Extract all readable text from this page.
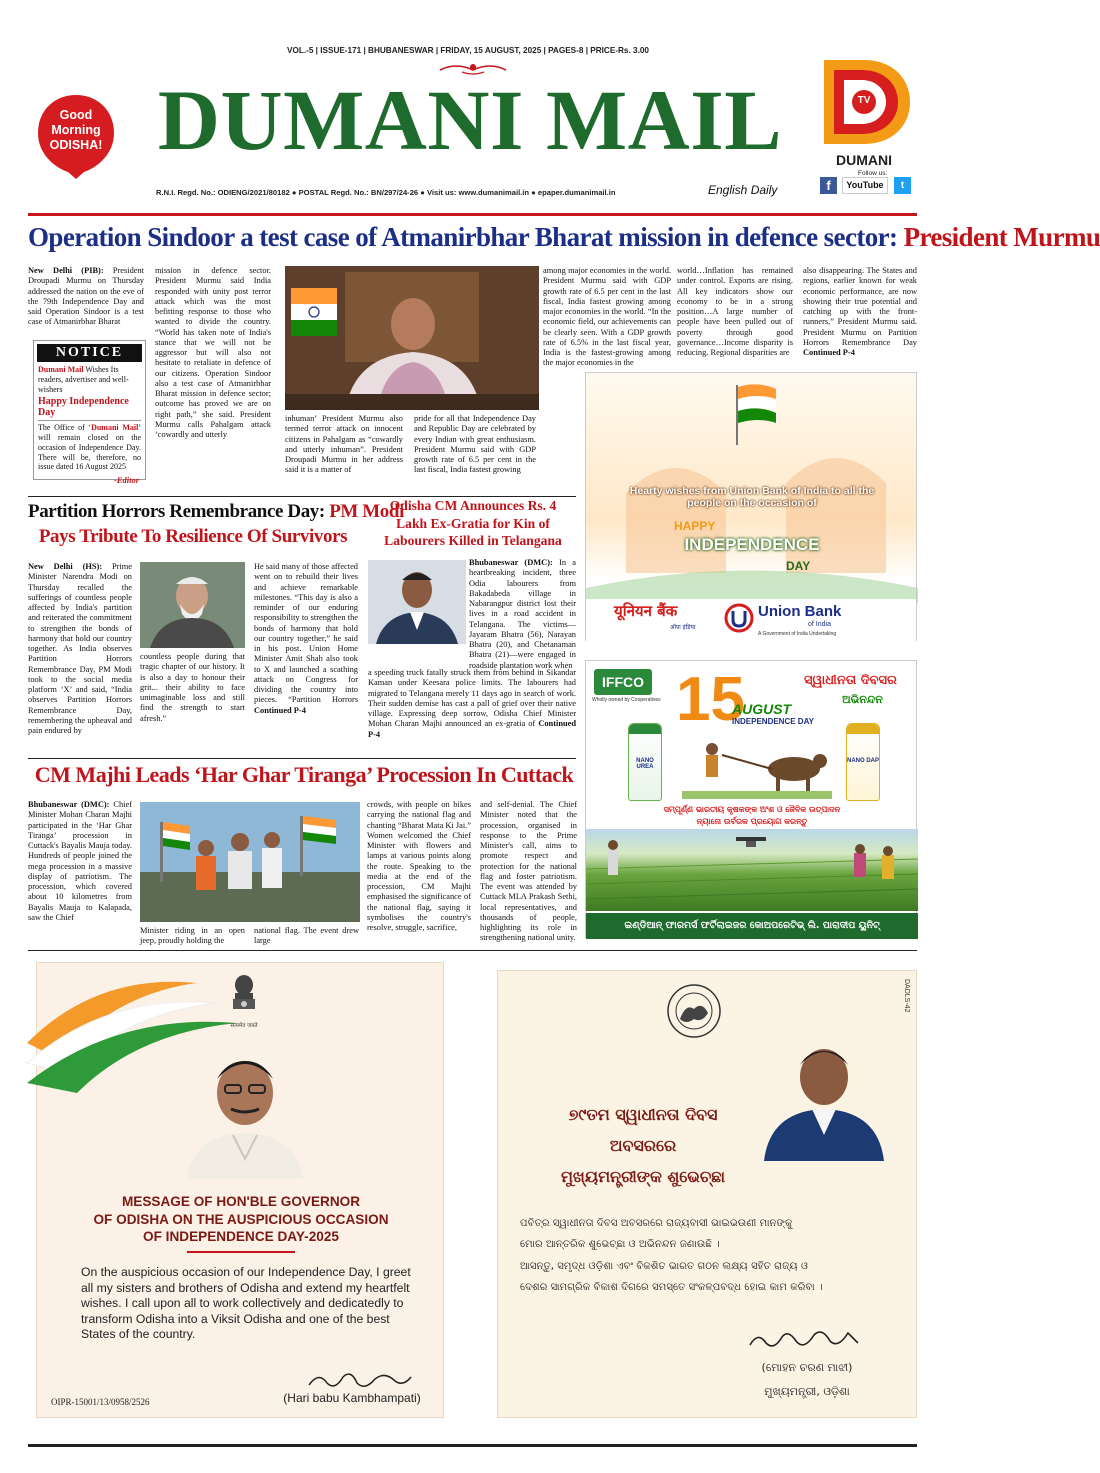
VOL.-5 | ISSUE-171 | BHUBANESWAR | FRIDAY, 15 AUGUST, 2025 | PAGES-8 | PRICE-Rs. 3.00
Good
Morning
ODISHA! DUMANI MAIL
R.N.I. Regd. No.: ODIENG/2021/80182 ● POSTAL Regd. No.: BN/297/24-26 ● Visit us: www.dumanimail.in ● epaper.dumanimail.in	English Daily
TV
DUMANI
Follow us:
f	YouTube	t
Operation Sindoor a test case of Atmanirbhar Bharat mission in defence sector: President Murmu
New Delhi (PIB): President Droupadi Murmu on Thursday addressed the nation on the eve of the 79th Independence Day and said Operation Sindoor is a test case of Atmanirbhar Bharat
NOTICE
Dumani Mail Wishes Its readers, advertiser and well-wishers
Happy Independence Day
The Office of ‘Dumani Mail’ will remain closed on the occasion of Independence Day. There will be, therefore, no issue dated 16 August 2025
-Editor
mission in defence sector. President Murmu said India responded with unity post terror attack which was the most befitting response to those who wanted to divide the country. “World has taken note of India's stance that we will not be aggressor but will also not hesitate to retaliate in defence of our citizens. Operation Sindoor also a test case of Atmanirbhar Bharat mission in defence sector; outcome has proved we are on right path,” she said. President Murmu calls Pahalgam attack ‘cowardly and utterly
inhuman’ President Murmu also termed terror attack on innocent citizens in Pahalgam as “cowardly and utterly inhuman”. President Droupadi Murmu in her address said it is a matter of
pride for all that Independence Day and Republic Day are celebrated by every Indian with great enthusiasm. President Murmu said with GDP growth rate of 6.5 per cent in the last fiscal, India fastest growing
among major economies in the world. President Murmu said with GDP growth rate of 6.5 per cent in the last fiscal, India fastest growing among major economies in the world. “In the economic field, our achievements can be clearly seen. With a GDP growth rate of 6.5% in the last fiscal year, India is the fastest-growing among the major economies in the
world…Inflation has remained under control. Exports are rising. All key indicators show our economy to be in a strong position…A large number of people have been pulled out of poverty through good governance…Income disparity is reducing. Regional disparities are
also disappearing. The States and regions, earlier known for weak economic performance, are now showing their true potential and catching up with the front-runners,” President Murmu said. President Murmu on Partition Horrors Remembrance Day Continued P-4
Hearty wishes from Union Bank of India to all the people on the occasion of
HAPPY
INDEPENDENCE
DAY
यूनियन बैंक
ऑफ़ इंडिया
Union Bank
of India
A Government of India Undertaking
Partition Horrors Remembrance Day: PM Modi
Pays Tribute To Resilience Of Survivors
New Delhi (HS): Prime Minister Narendra Modi on Thursday recalled the sufferings of countless people affected by India's partition and reiterated the commitment to strengthen the bonds of harmony that hold our country together. As India observes Partition Horrors Remembrance Day, PM Modi took to the social media platform ‘X’ and said, “India observes Partition Horrors Remembrance Day, remembering the upheaval and pain endured by
countless people during that tragic chapter of our history. It is also a day to honour their grit... their ability to face unimaginable loss and still find the strength to start afresh.”
He said many of those affected went on to rebuild their lives and achieve remarkable milestones. “This day is also a reminder of our enduring responsibility to strengthen the bonds of harmony that hold our country together,” he said in his post. Union Home Minister Amit Shah also took to X and launched a scathing attack on Congress for dividing the country into pieces. “Partition Horrors Continued P-4
Odisha CM Announces Rs. 4
Lakh Ex-Gratia for Kin of
Labourers Killed in Telangana
Bhubaneswar (DMC): In a heartbreaking incident, three Odia labourers from Bakadabeda village in Nabarangpur district lost their lives in a road accident in Telangana. The victims—Jayaram Bhatra (56), Narayan Bhatra (20), and Chetanaman Bhatra (21)—were engaged in roadside plantation work when
a speeding truck fatally struck them from behind in Sikandar Kaman under Keesara police limits. The labourers had migrated to Telangana merely 11 days ago in search of work. Their sudden demise has cast a pall of grief over their native village. Expressing deep sorrow, Odisha Chief Minister Mohan Charan Majhi announced an ex-gratia of Continued P-4
IFFCO
Wholly owned by Cooperatives 15
AUGUST
INDEPENDENCE DAY
ସ୍ୱାଧୀନତା ଦିବସର
ଅଭିନନ୍ଦନ
NANO UREA
NANO DAP
ସମ୍ପୂର୍ଣ୍ଣ ଭାରତୀୟ କୃଷକଙ୍କ ଅଂଶ ଓ ଜୈବିକ ଉତ୍ପାଦନ
ନ୍ୟାନୋ ଉର୍ବରକ ପ୍ରୟୋଗ କରନ୍ତୁ
ଇଣ୍ଡିଆନ୍ ଫାରମର୍ସ ଫର୍ଟିଲାଇଜର କୋଅପରେଟିଭ୍ ଲି. ପାରାଦୀପ ୟୁନିଟ୍
CM Majhi Leads ‘Har Ghar Tiranga’ Procession In Cuttack
Bhubaneswar (DMC): Chief Minister Mohan Charan Majhi participated in the ‘Har Ghar Tiranga’ procession in Cuttack's Bayalis Mauja today. Hundreds of people joined the mega procession in a massive display of patriotism. The procession, which covered about 10 kilometres from Bayalis Mauja to Kalapada, saw the Chief
Minister riding in an open jeep, proudly holding the
national flag. The event drew large
crowds, with people on bikes carrying the national flag and chanting “Bharat Mata Ki Jai.” Women welcomed the Chief Minister with flowers and lamps at various points along the route. Speaking to the media at the end of the procession, CM Majhi emphasised the significance of the national flag, saying it symbolises the country's resolve, struggle, sacrifice,
and self-denial. The Chief Minister noted that the procession, organised in response to the Prime Minister's call, aims to promote respect and protection for the national flag and foster patriotism. The event was attended by Cuttack MLA Prakash Sethi, local representatives, and thousands of people, highlighting its role in strengthening national unity.
सत्यमेव जयते
MESSAGE OF HON'BLE GOVERNOR
OF ODISHA ON THE AUSPICIOUS OCCASION
OF INDEPENDENCE DAY-2025
On the auspicious occasion of our Independence Day, I greet all my sisters and brothers of Odisha and extend my heartfelt wishes. I call upon all to work collectively and dedicatedly to transform Odisha into a Viksit Odisha and one of the best States of the country.
(Hari babu Kambhampati)
OIPR-15001/13/0958/2526
DADLS-42
୭୯ତମ ସ୍ୱାଧୀନତା ଦିବସ
ଅବସରରେ
ମୁଖ୍ୟମନ୍ତ୍ରୀଙ୍କ ଶୁଭେଚ୍ଛା
ପବିତ୍ର ସ୍ୱାଧୀନତା ଦିବସ ଅବସରରେ ରାଜ୍ୟବାସୀ ଭାଇଭଉଣୀ ମାନଙ୍କୁ
ମୋର ଆନ୍ତରିକ ଶୁଭେଚ୍ଛା ଓ ଅଭିନନ୍ଦନ ଜଣାଉଛି ।
ଆସନ୍ତୁ, ସମୃଦ୍ଧ ଓଡ଼ିଶା ଏବଂ ବିକଶିତ ଭାରତ ଗଠନ ଲକ୍ଷ୍ୟ ସହିତ ରାଜ୍ୟ ଓ
ଦେଶର ସାମଗ୍ରିକ ବିକାଶ ଦିଗରେ ସମସ୍ତେ ସଂକଳ୍ପବଦ୍ଧ ହୋଇ କାମ କରିବା ।
(ମୋହନ ଚରଣ ମାଝୀ)
ମୁଖ୍ୟମନ୍ତ୍ରୀ, ଓଡ଼ିଶା
